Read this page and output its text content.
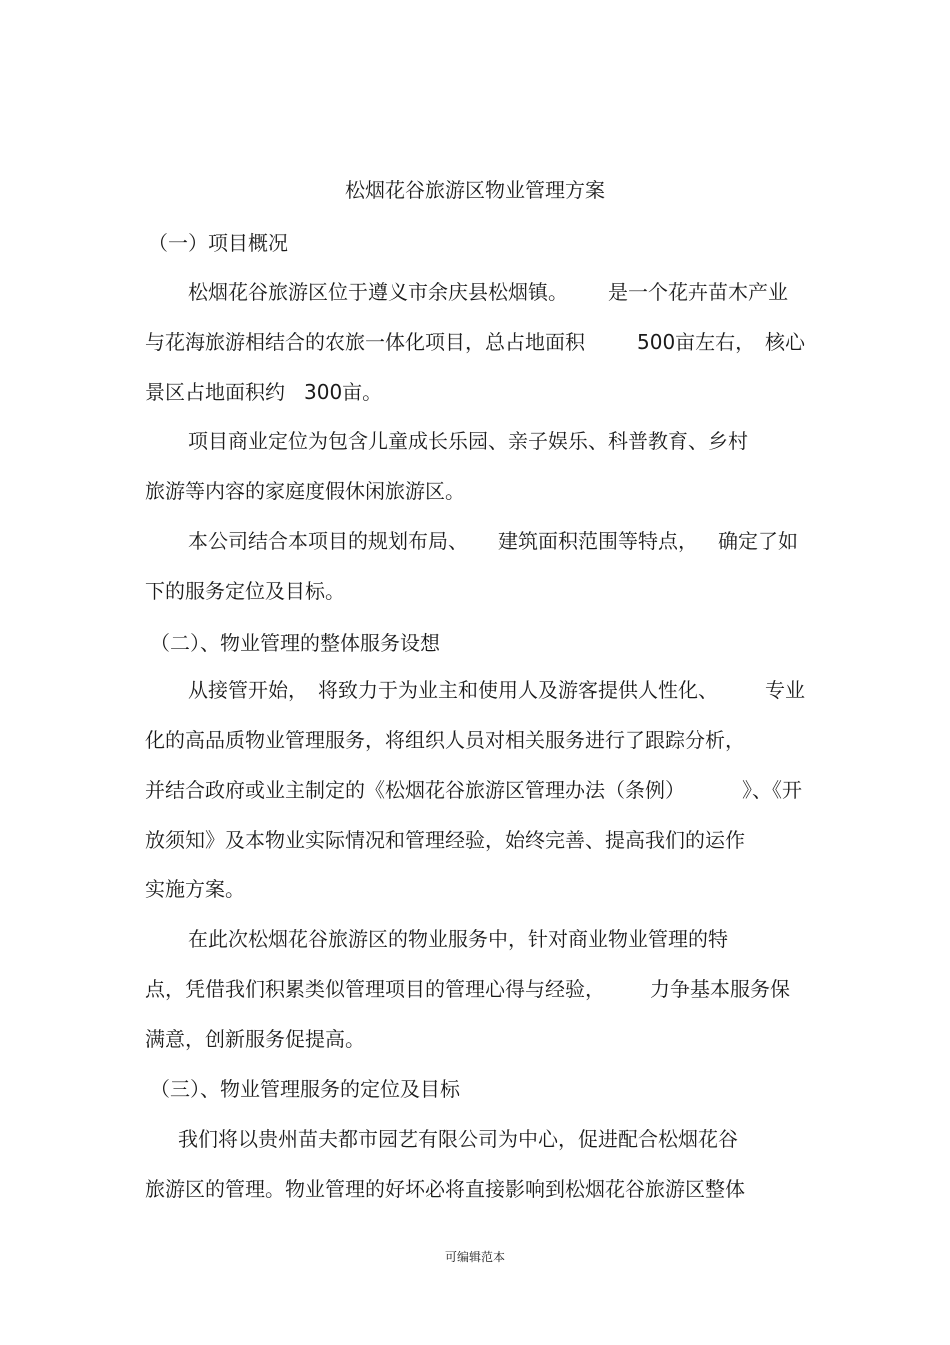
松烟花谷旅游区物业管理方案
（一）项目概况
松烟花谷旅游区位于遵义市余庆县松烟镇。 是一个花卉苗木产业
与花海旅游相结合的农旅一体化项目，总占地面积	500亩左右， 核心
景区占地面积约 300亩。
项目商业定位为包含儿童成长乐园、亲子娱乐、科普教育、乡村
旅游等内容的家庭度假休闲旅游区。
本公司结合本项目的规划布局、 建筑面积范围等特点， 确定了如
下的服务定位及目标。
（二）、物业管理的整体服务设想
从接管开始， 将致力于为业主和使用人及游客提供人性化、 专业
化的高品质物业管理服务，将组织人员对相关服务进行了跟踪分析，
并结合政府或业主制定的《松烟花谷旅游区管理办法（条例）	》、《开
放须知》及本物业实际情况和管理经验，始终完善、提高我们的运作
实施方案。
在此次松烟花谷旅游区的物业服务中，针对商业物业管理的特
点，凭借我们积累类似管理项目的管理心得与经验， 力争基本服务保
满意，创新服务促提高。
（三）、物业管理服务的定位及目标
我们将以贵州苗夫都市园艺有限公司为中心，促进配合松烟花谷
旅游区的管理。物业管理的好坏必将直接影响到松烟花谷旅游区整体
可编辑范本
